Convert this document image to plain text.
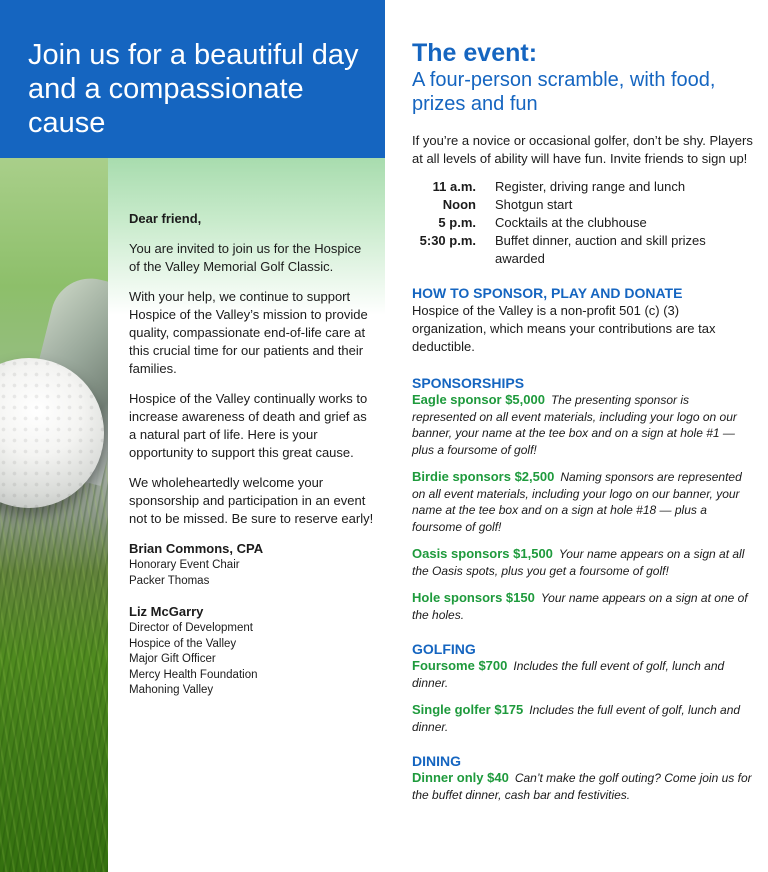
Join us for a beautiful day and a compassionate cause

Dear friend,

You are invited to join us for the Hospice of the Valley Memorial Golf Classic.

With your help, we continue to support Hospice of the Valley’s mission to provide quality, compassionate end-of-life care at this crucial time for our patients and their families.

Hospice of the Valley continually works to increase awareness of death and grief as a natural part of life. Here is your opportunity to support this great cause.

We wholeheartedly welcome your sponsorship and participation in an event not to be missed. Be sure to reserve early!

Brian Commons, CPA
Honorary Event Chair
Packer Thomas
Liz McGarry
Director of Development
Hospice of the Valley
Major Gift Officer
Mercy Health Foundation
Mahoning Valley
The event:
A four-person scramble, with food, prizes and fun

If you’re a novice or occasional golfer, don’t be shy. Players at all levels of ability will have fun. Invite friends to sign up!

11 a.m.	Register, driving range and lunch
Noon	Shotgun start
5 p.m.	Cocktails at the clubhouse
5:30 p.m.	Buffet dinner, auction and skill prizes awarded
HOW TO SPONSOR, PLAY AND DONATE

Hospice of the Valley is a non-profit 501 (c) (3) organization, which means your contributions are tax deductible.

SPONSORSHIPS

Eagle sponsor $5,000 The presenting sponsor is represented on all event materials, including your logo on our banner, your name at the tee box and on a sign at hole #1 — plus a foursome of golf!

Birdie sponsors $2,500 Naming sponsors are represented on all event materials, including your logo on our banner, your name at the tee box and on a sign at hole #18 — plus a foursome of golf!

Oasis sponsors $1,500 Your name appears on a sign at all the Oasis spots, plus you get a foursome of golf!

Hole sponsors $150 Your name appears on a sign at one of the holes.

GOLFING

Foursome $700 Includes the full event of golf, lunch and dinner.

Single golfer $175 Includes the full event of golf, lunch and dinner.

DINING

Dinner only $40 Can’t make the golf outing? Come join us for the buffet dinner, cash bar and festivities.
